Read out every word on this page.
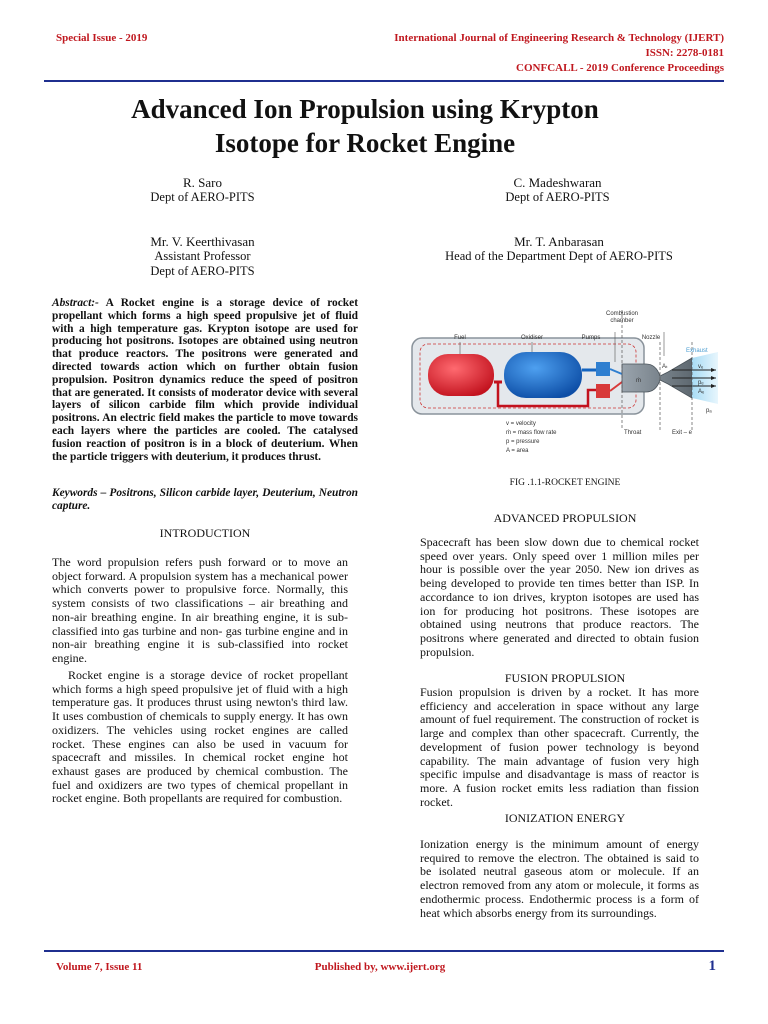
Special Issue - 2019	International Journal of Engineering Research & Technology (IJERT)
ISSN: 2278-0181
CONFCALL - 2019 Conference Proceedings
Advanced Ion Propulsion using Krypton
Isotope for Rocket Engine
R. Saro
Dept of AERO-PITS
C. Madeshwaran
Dept of AERO-PITS
Mr. V. Keerthivasan
Assistant Professor
Dept of AERO-PITS
Mr. T. Anbarasan
Head of the Department Dept of AERO-PITS
Abstract:- A Rocket engine is a storage device of rocket propellant which forms a high speed propulsive jet of fluid with a high temperature gas. Krypton isotope are used for producing hot positrons. Isotopes are obtained using neutron that produce reactors. The positrons were generated and directed towards action which on further obtain fusion propulsion. Positron dynamics reduce the speed of positron that are generated. It consists of moderator device with several layers of silicon carbide film which provide individual positrons. An electric field makes the particle to move towards each layers where the particles are cooled. The catalysed fusion reaction of positron is in a block of deuterium. When the particle triggers with deuterium, it produces thrust.
Keywords – Positrons, Silicon carbide layer, Deuterium, Neutron capture.
INTRODUCTION
The word propulsion refers push forward or to move an object forward. A propulsion system has a mechanical power which converts power to propulsive force. Normally, this system consists of two classifications – air breathing and non-air breathing engine. In air breathing engine, it is sub- classified into gas turbine and non- gas turbine engine and in non-air breathing engine it is sub-classified into rocket engine.
Rocket engine is a storage device of rocket propellant which forms a high speed propulsive jet of fluid with a high temperature gas. It produces thrust using newton's third law. It uses combustion of chemicals to supply energy. It has own oxidizers. The vehicles using rocket engines are called rocket. These engines can also be used in vacuum for spacecraft and missiles. In chemical rocket engine hot exhaust gases are produced by chemical combustion. The fuel and oxidizers are two types of chemical propellant in rocket engine. Both propellants are required for combustion.
Combustion
chamber
Fuel	Oxidiser	Pumps	Nozzle
Exhaust
ṁ
Aₜ	vₑ
pₑ
Aₑ
pₐ
Throat	Exit – e
v = velocity
ṁ = mass flow rate
p = pressure
A = area
FIG .1.1-ROCKET ENGINE
ADVANCED PROPULSION
Spacecraft has been slow down due to chemical rocket speed over years. Only speed over 1 million miles per hour is possible over the year 2050. New ion drives as being developed to provide ten times better than ISP. In accordance to ion drives, krypton isotopes are used has ion for producing hot positrons. These isotopes are obtained using neutrons that produce reactors. The positrons where generated and directed to obtain fusion propulsion.
FUSION PROPULSION
Fusion propulsion is driven by a rocket. It has more efficiency and acceleration in space without any large amount of fuel requirement. The construction of rocket is large and complex than other spacecraft. Currently, the development of fusion power technology is beyond capability. The main advantage of fusion very high specific impulse and disadvantage is mass of reactor is more. A fusion rocket emits less radiation than fission rocket.
IONIZATION ENERGY
Ionization energy is the minimum amount of energy required to remove the electron. The obtained is said to be isolated neutral gaseous atom or molecule. If an electron removed from any atom or molecule, it forms as endothermic process. Endothermic process is a form of heat which absorbs energy from its surroundings.
Volume 7, Issue 11	Published by, www.ijert.org	1
